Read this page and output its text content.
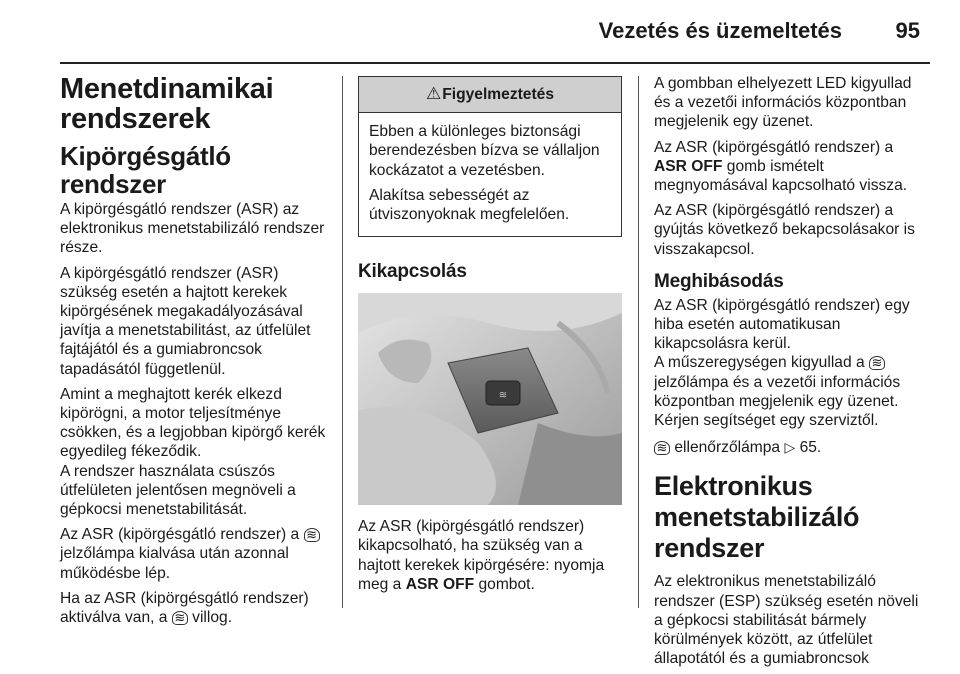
Vezetés és üzemeltetés 95
Menetdinamikai rendszerek
Kipörgésgátló rendszer

A kipörgésgátló rendszer (ASR) az elektronikus menetstabilizáló rendszer része.

A kipörgésgátló rendszer (ASR) szükség esetén a hajtott kerekek kipörgésének megakadályozásával javítja a menetstabilitást, az útfelület fajtájától és a gumiabroncsok tapadásától függetlenül.

Amint a meghajtott kerék elkezd kipörögni, a motor teljesítménye csökken, és a legjobban kipörgő kerék egyedileg fékeződik.
A rendszer használata csúszós útfelületen jelentősen megnöveli a gépkocsi menetstabilitását.

Az ASR (kipörgésgátló rendszer) a ≋ jelzőlámpa kialvása után azonnal működésbe lép.

Ha az ASR (kipörgésgátló rendszer) aktiválva van, a ≋ villog.

⚠Figyelmeztetés

Ebben a különleges biztonsági berendezésben bízva se vállaljon kockázatot a vezetésben.

Alakítsa sebességét az útviszonyoknak megfelelően.

Kikapcsolás
≋

Az ASR (kipörgésgátló rendszer) kikapcsolható, ha szükség van a hajtott kerekek kipörgésére: nyomja meg a ASR OFF gombot.

A gombban elhelyezett LED kigyullad és a vezetői információs központban megjelenik egy üzenet.

Az ASR (kipörgésgátló rendszer) a ASR OFF gomb ismételt megnyomásával kapcsolható vissza.

Az ASR (kipörgésgátló rendszer) a gyújtás következő bekapcsolásakor is visszakapcsol.

Meghibásodás

Az ASR (kipörgésgátló rendszer) egy hiba esetén automatikusan kikapcsolásra kerül.
A műszeregységen kigyullad a ≋ jelzőlámpa és a vezetői információs központban megjelenik egy üzenet. Kérjen segítséget egy szerviztől.

≋ ellenőrzőlámpa ▷ 65.

Elektronikus menetstabilizáló rendszer

Az elektronikus menetstabilizáló rendszer (ESP) szükség esetén növeli a gépkocsi stabilitását bármely körülmények között, az útfelület állapotától és a gumiabroncsok
